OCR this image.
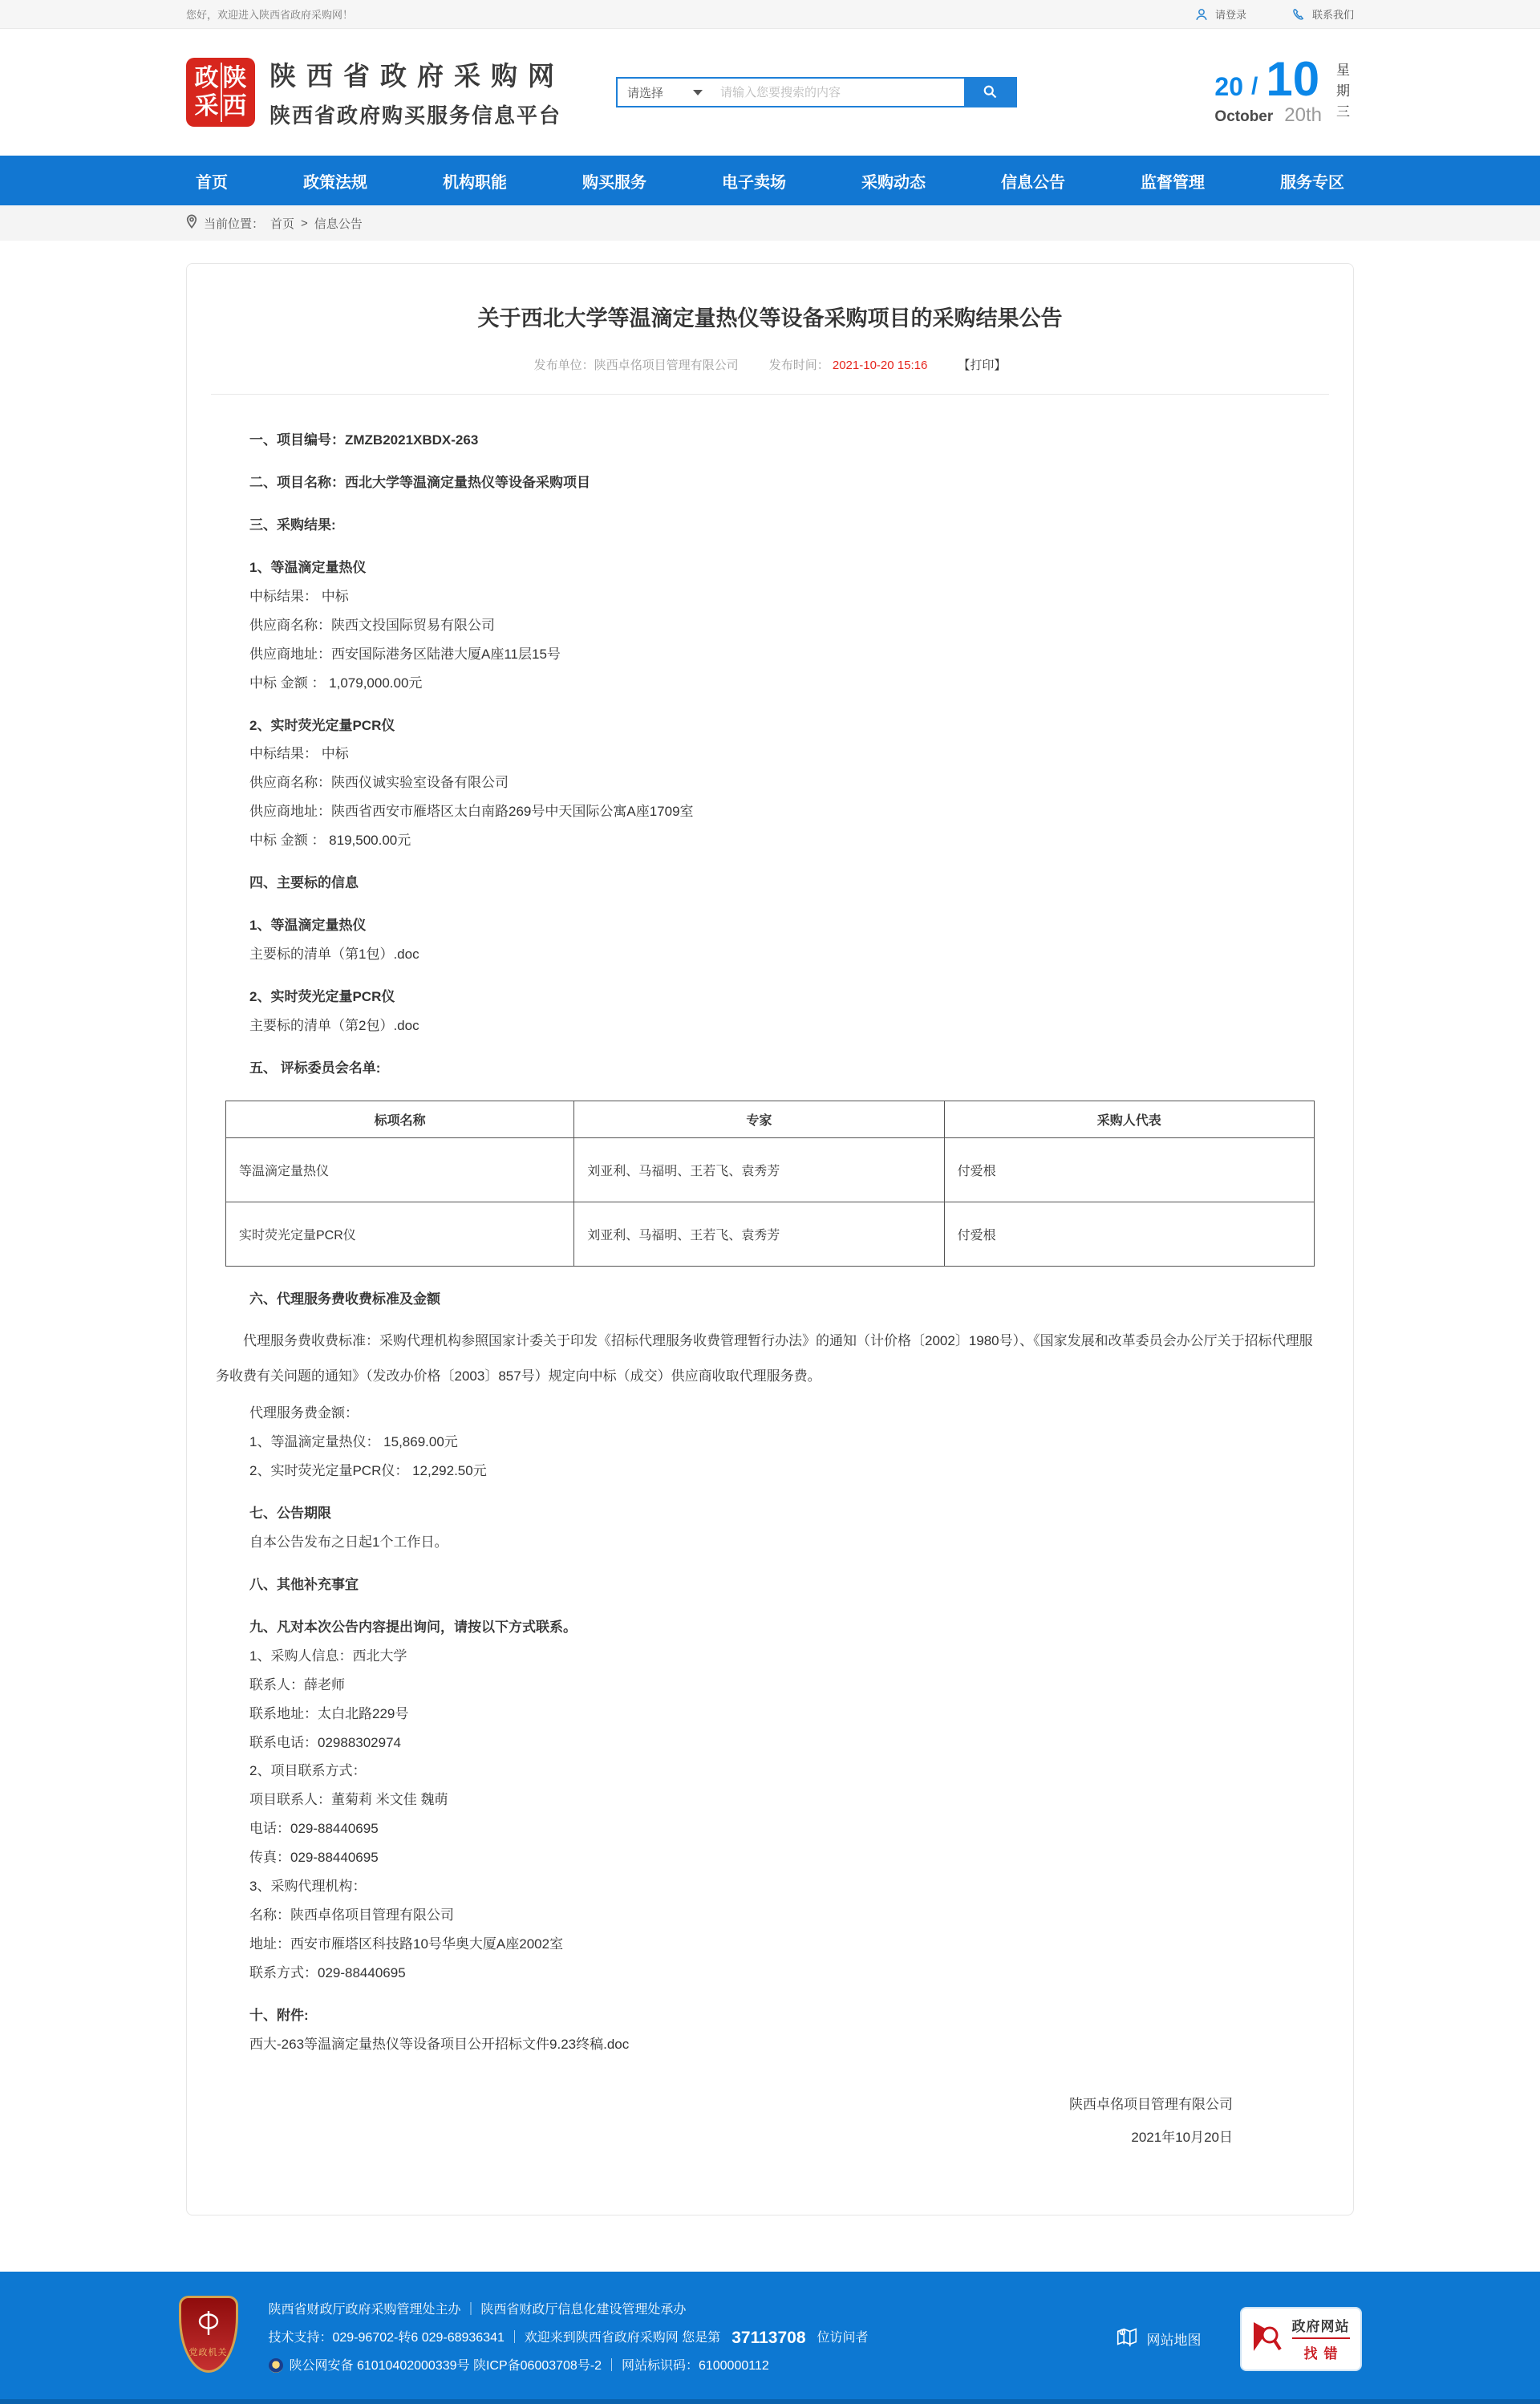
您好，欢迎进入陕西省政府采购网！	请登录	联系我们
政 陕
采 西
陕西省政府采购网
陕西省政府购买服务信息平台
请选择
请输入您要搜索的内容	20 / 10
October 20th
星期三
首页	政策法规	机构职能	购买服务	电子卖场	采购动态	信息公告	监督管理	服务专区
当前位置： 首页 > 信息公告
关于西北大学等温滴定量热仪等设备采购项目的采购结果公告
发布单位：陕西卓佲项目管理有限公司	发布时间： 2021-10-20 15:16	【打印】

一、项目编号：ZMZB2021XBDX-263

二、项目名称：西北大学等温滴定量热仪等设备采购项目

三、采购结果:

1、等温滴定量热仪

中标结果： 中标

供应商名称：陕西文投国际贸易有限公司

供应商地址：西安国际港务区陆港大厦A座11层15号

中标 金额 ： 1,079,000.00元

2、实时荧光定量PCR仪

中标结果： 中标

供应商名称：陕西仪诚实验室设备有限公司

供应商地址：陕西省西安市雁塔区太白南路269号中天国际公寓A座1709室

中标 金额 ： 819,500.00元

四、主要标的信息

1、等温滴定量热仪

主要标的清单（第1包）.doc

2、实时荧光定量PCR仪

主要标的清单（第2包）.doc

五、 评标委员会名单:

标项名称	专家	采购人代表
等温滴定量热仪	刘亚利、马福明、王若飞、袁秀芳	付爱根
实时荧光定量PCR仪	刘亚利、马福明、王若飞、袁秀芳	付爱根

六、代理服务费收费标准及金额

代理服务费收费标准：采购代理机构参照国家计委关于印发《招标代理服务收费管理暂行办法》的通知（计价格〔2002〕1980号）、《国家发展和改革委员会办公厅关于招标代理服务收费有关问题的通知》（发改办价格〔2003〕857号）规定向中标（成交）供应商收取代理服务费。

代理服务费金额：

1、等温滴定量热仪： 15,869.00元

2、实时荧光定量PCR仪： 12,292.50元

七、公告期限

自本公告发布之日起1个工作日。

八、其他补充事宜

九、凡对本次公告内容提出询问，请按以下方式联系。

1、采购人信息：西北大学

联系人：薛老师

联系地址：太白北路229号

联系电话：02988302974

2、项目联系方式：

项目联系人：董菊莉 米文佳 魏萌

电话：029-88440695

传真：029-88440695

3、采购代理机构：

名称：陕西卓佲项目管理有限公司

地址：西安市雁塔区科技路10号华奥大厦A座2002室

联系方式：029-88440695

十、附件:

西大-263等温滴定量热仪等设备项目公开招标文件9.23终稿.doc

陕西卓佲项目管理有限公司
2021年10月20日
党政机关
陕西省财政厅政府采购管理处主办 ｜ 陕西省财政厅信息化建设管理处承办
技术支持：029-96702-转6 029-68936341 ｜ 欢迎来到陕西省政府采购网 您是第 37113708 位访问者
陕公网安备 61010402000339号 陕ICP备06003708号-2 ｜ 网站标识码：6100000112
网站地图
政府网站
找错
